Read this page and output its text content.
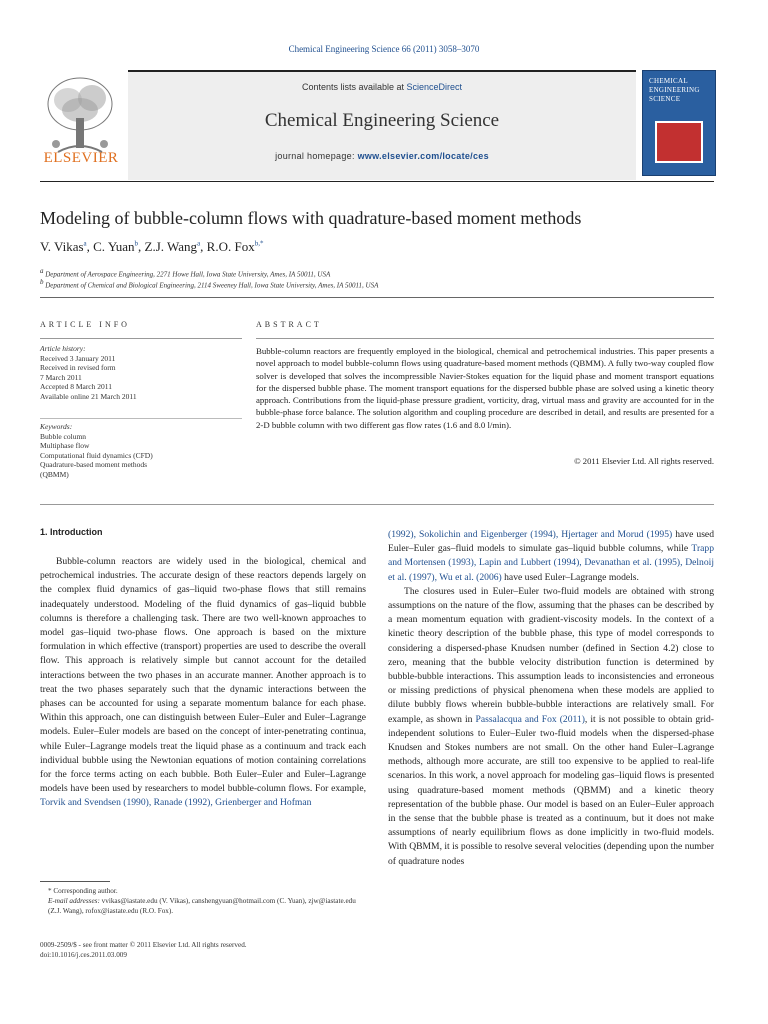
Chemical Engineering Science 66 (2011) 3058–3070
Contents lists available at ScienceDirect
Chemical Engineering Science
journal homepage: www.elsevier.com/locate/ces
ELSEVIER
CHEMICAL ENGINEERING SCIENCE
Modeling of bubble-column flows with quadrature-based moment methods
V. Vikas$^a$, C. Yuan$^b$, Z.J. Wang$^a$, R.O. Fox$^{b,*}$
$^a$ Department of Aerospace Engineering, 2271 Howe Hall, Iowa State University, Ames, IA 50011, USA
$^b$ Department of Chemical and Biological Engineering, 2114 Sweeney Hall, Iowa State University, Ames, IA 50011, USA
ARTICLE INFO	ABSTRACT
Article history:
Received 3 January 2011
Received in revised form
7 March 2011
Accepted 8 March 2011
Available online 21 March 2011
Keywords:
Bubble column
Multiphase flow
Computational fluid dynamics (CFD)
Quadrature-based moment methods
(QBMM)
Bubble-column reactors are frequently employed in the biological, chemical and petrochemical industries. This paper presents a novel approach to model bubble-column flows using quadrature-based moment methods (QBMM). A fully two-way coupled flow solver is developed that solves the incompressible Navier-Stokes equation for the liquid phase and moment transport equations for the dispersed bubble phase. The moment transport equations for the dispersed bubble phase are solved using a kinetic theory approach. Contributions from the liquid-phase pressure gradient, vorticity, drag, virtual mass and gravity are accounted for in the bubble-phase force balance. The solution algorithm and coupling procedure are described in detail, and results are presented for a 2-D bubble column with two different gas flow rates (1.6 and 8.0 l/min).
© 2011 Elsevier Ltd. All rights reserved.
1. Introduction

Bubble-column reactors are widely used in the biological, chemical and petrochemical industries. The accurate design of these reactors depends largely on the complex fluid dynamics of gas–liquid two-phase flows that still remains inadequately understood. Modeling of the fluid dynamics of gas–liquid bubble columns is therefore a challenging task. There are two well-known approaches to model gas–liquid two-phase flows. One approach is based on the mixture formulation in which effective (transport) properties are used to describe the overall flow. This approach is relatively simple but cannot account for the detailed interactions between the two phases in an accurate manner. Another approach is to treat the two phases separately such that the dynamic interactions between the phases can be accounted for using a separate momentum balance for each phase. Within this approach, one can distinguish between Euler–Euler and Euler–Lagrange models. Euler–Euler models are based on the concept of inter-penetrating continua, while Euler–Lagrange models treat the liquid phase as a continuum and track each individual bubble using the Newtonian equations of motion containing correlations for the force terms acting on each bubble. Both Euler–Euler and Euler–Lagrange models have been used by researchers to model bubble-column flows. For example, Torvik and Svendsen (1990), Ranade (1992), Grienberger and Hofman

(1992), Sokolichin and Eigenberger (1994), Hjertager and Morud (1995) have used Euler–Euler gas–fluid models to simulate gas–liquid bubble columns, while Trapp and Mortensen (1993), Lapin and Lubbert (1994), Devanathan et al. (1995), Delnoij et al. (1997), Wu et al. (2006) have used Euler–Lagrange models.

The closures used in Euler–Euler two-fluid models are obtained with strong assumptions on the nature of the flow, assuming that the phases can be described by a mean momentum equation with gradient-viscosity models. In the context of a kinetic theory description of the bubble phase, this type of model corresponds to considering a dispersed-phase Knudsen number (defined in Section 4.2) close to zero, meaning that the bubble velocity distribution function is determined by bubble-bubble interactions. This assumption leads to inconsistencies and erroneous or missing predictions of physical phenomena when these models are applied to dilute bubbly flows wherein bubble-bubble interactions are relatively small. For example, as shown in Passalacqua and Fox (2011), it is not possible to obtain grid-independent solutions to Euler–Euler two-fluid models when the dispersed-phase Knudsen and Stokes numbers are not small. On the other hand Euler–Lagrange methods, although more accurate, are still too expensive to be applied to real-life scenarios. In this work, a novel approach for modeling gas–liquid flows is presented using quadrature-based moment methods (QBMM) and a kinetic theory representation of the bubble phase. Our model is based on an Euler–Euler approach in the sense that the bubble phase is treated as a continuum, but it does not make assumptions of nearly equilibrium flows as done implicitly in two-fluid models. With QBMM, it is possible to resolve several velocities (depending upon the number of quadrature nodes

* Corresponding author.
E-mail addresses: vvikas@iastate.edu (V. Vikas), canshengyuan@hotmail.com (C. Yuan), zjw@iastate.edu (Z.J. Wang), rofox@iastate.edu (R.O. Fox).
0009-2509/$ - see front matter © 2011 Elsevier Ltd. All rights reserved.
doi:10.1016/j.ces.2011.03.009
